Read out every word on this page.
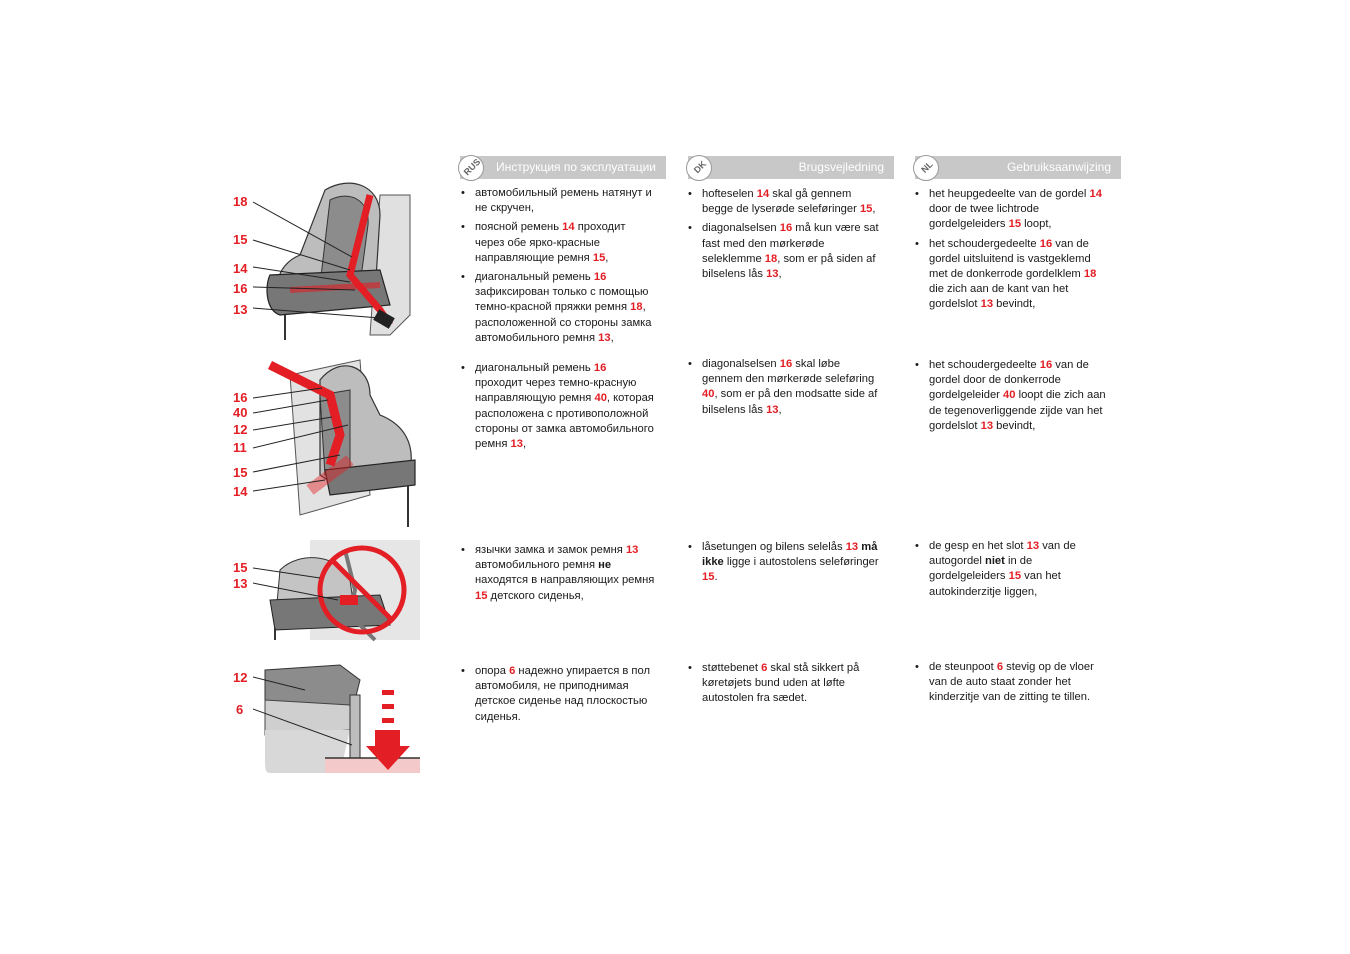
RUS Инструкция по эксплуатации	DK	Brugsvejledning	NL	Gebruiksaanwijzing
18
15
14
16
13
16
40
12
11
15
14
15
13
12
6
• автомобильный ремень натянут и не скручен,
• поясной ремень 14 проходит через обе ярко-красные направляющие ремня 15,
• диагональный ремень 16 зафиксирован только с помощью темно-красной пряжки ремня 18, расположенной со стороны замка автомобильного ремня 13,
• диагональный ремень 16 проходит через темно-красную направляющую ремня 40, которая расположена с противоположной стороны от замка автомобильного ремня 13,
• язычки замка и замок ремня 13 автомобильного ремня не находятся в направляющих ремня 15 детского сиденья,
• опора 6 надежно упирается в пол автомобиля, не приподнимая детское сиденье над плоскостью сиденья.
• hofteselen 14 skal gå gennem begge de lyserøde seleføringer 15,
• diagonalselsen 16 må kun være sat fast med den mørkerøde seleklemme 18, som er på siden af bilselens lås 13,
• diagonalselsen 16 skal løbe gennem den mørkerøde seleføring 40, som er på den modsatte side af bilselens lås 13,
• låsetungen og bilens selelås 13 må ikke ligge i autostolens seleføringer 15.
• støttebenet 6 skal stå sikkert på køretøjets bund uden at løfte autostolen fra sædet.
• het heupgedeelte van de gordel 14 door de twee lichtrode gordelgeleiders 15 loopt,
• het schoudergedeelte 16 van de gordel uitsluitend is vastgeklemd met de donkerrode gordelklem 18 die zich aan de kant van het gordelslot 13 bevindt,
• het schoudergedeelte 16 van de gordel door de donkerrode gordelgeleider 40 loopt die zich aan de tegenoverliggende zijde van het gordelslot 13 bevindt,
• de gesp en het slot 13 van de autogordel niet in de gordelgeleiders 15 van het autokinderzitje liggen,
• de steunpoot 6 stevig op de vloer van de auto staat zonder het kinderzitje van de zitting te tillen.
